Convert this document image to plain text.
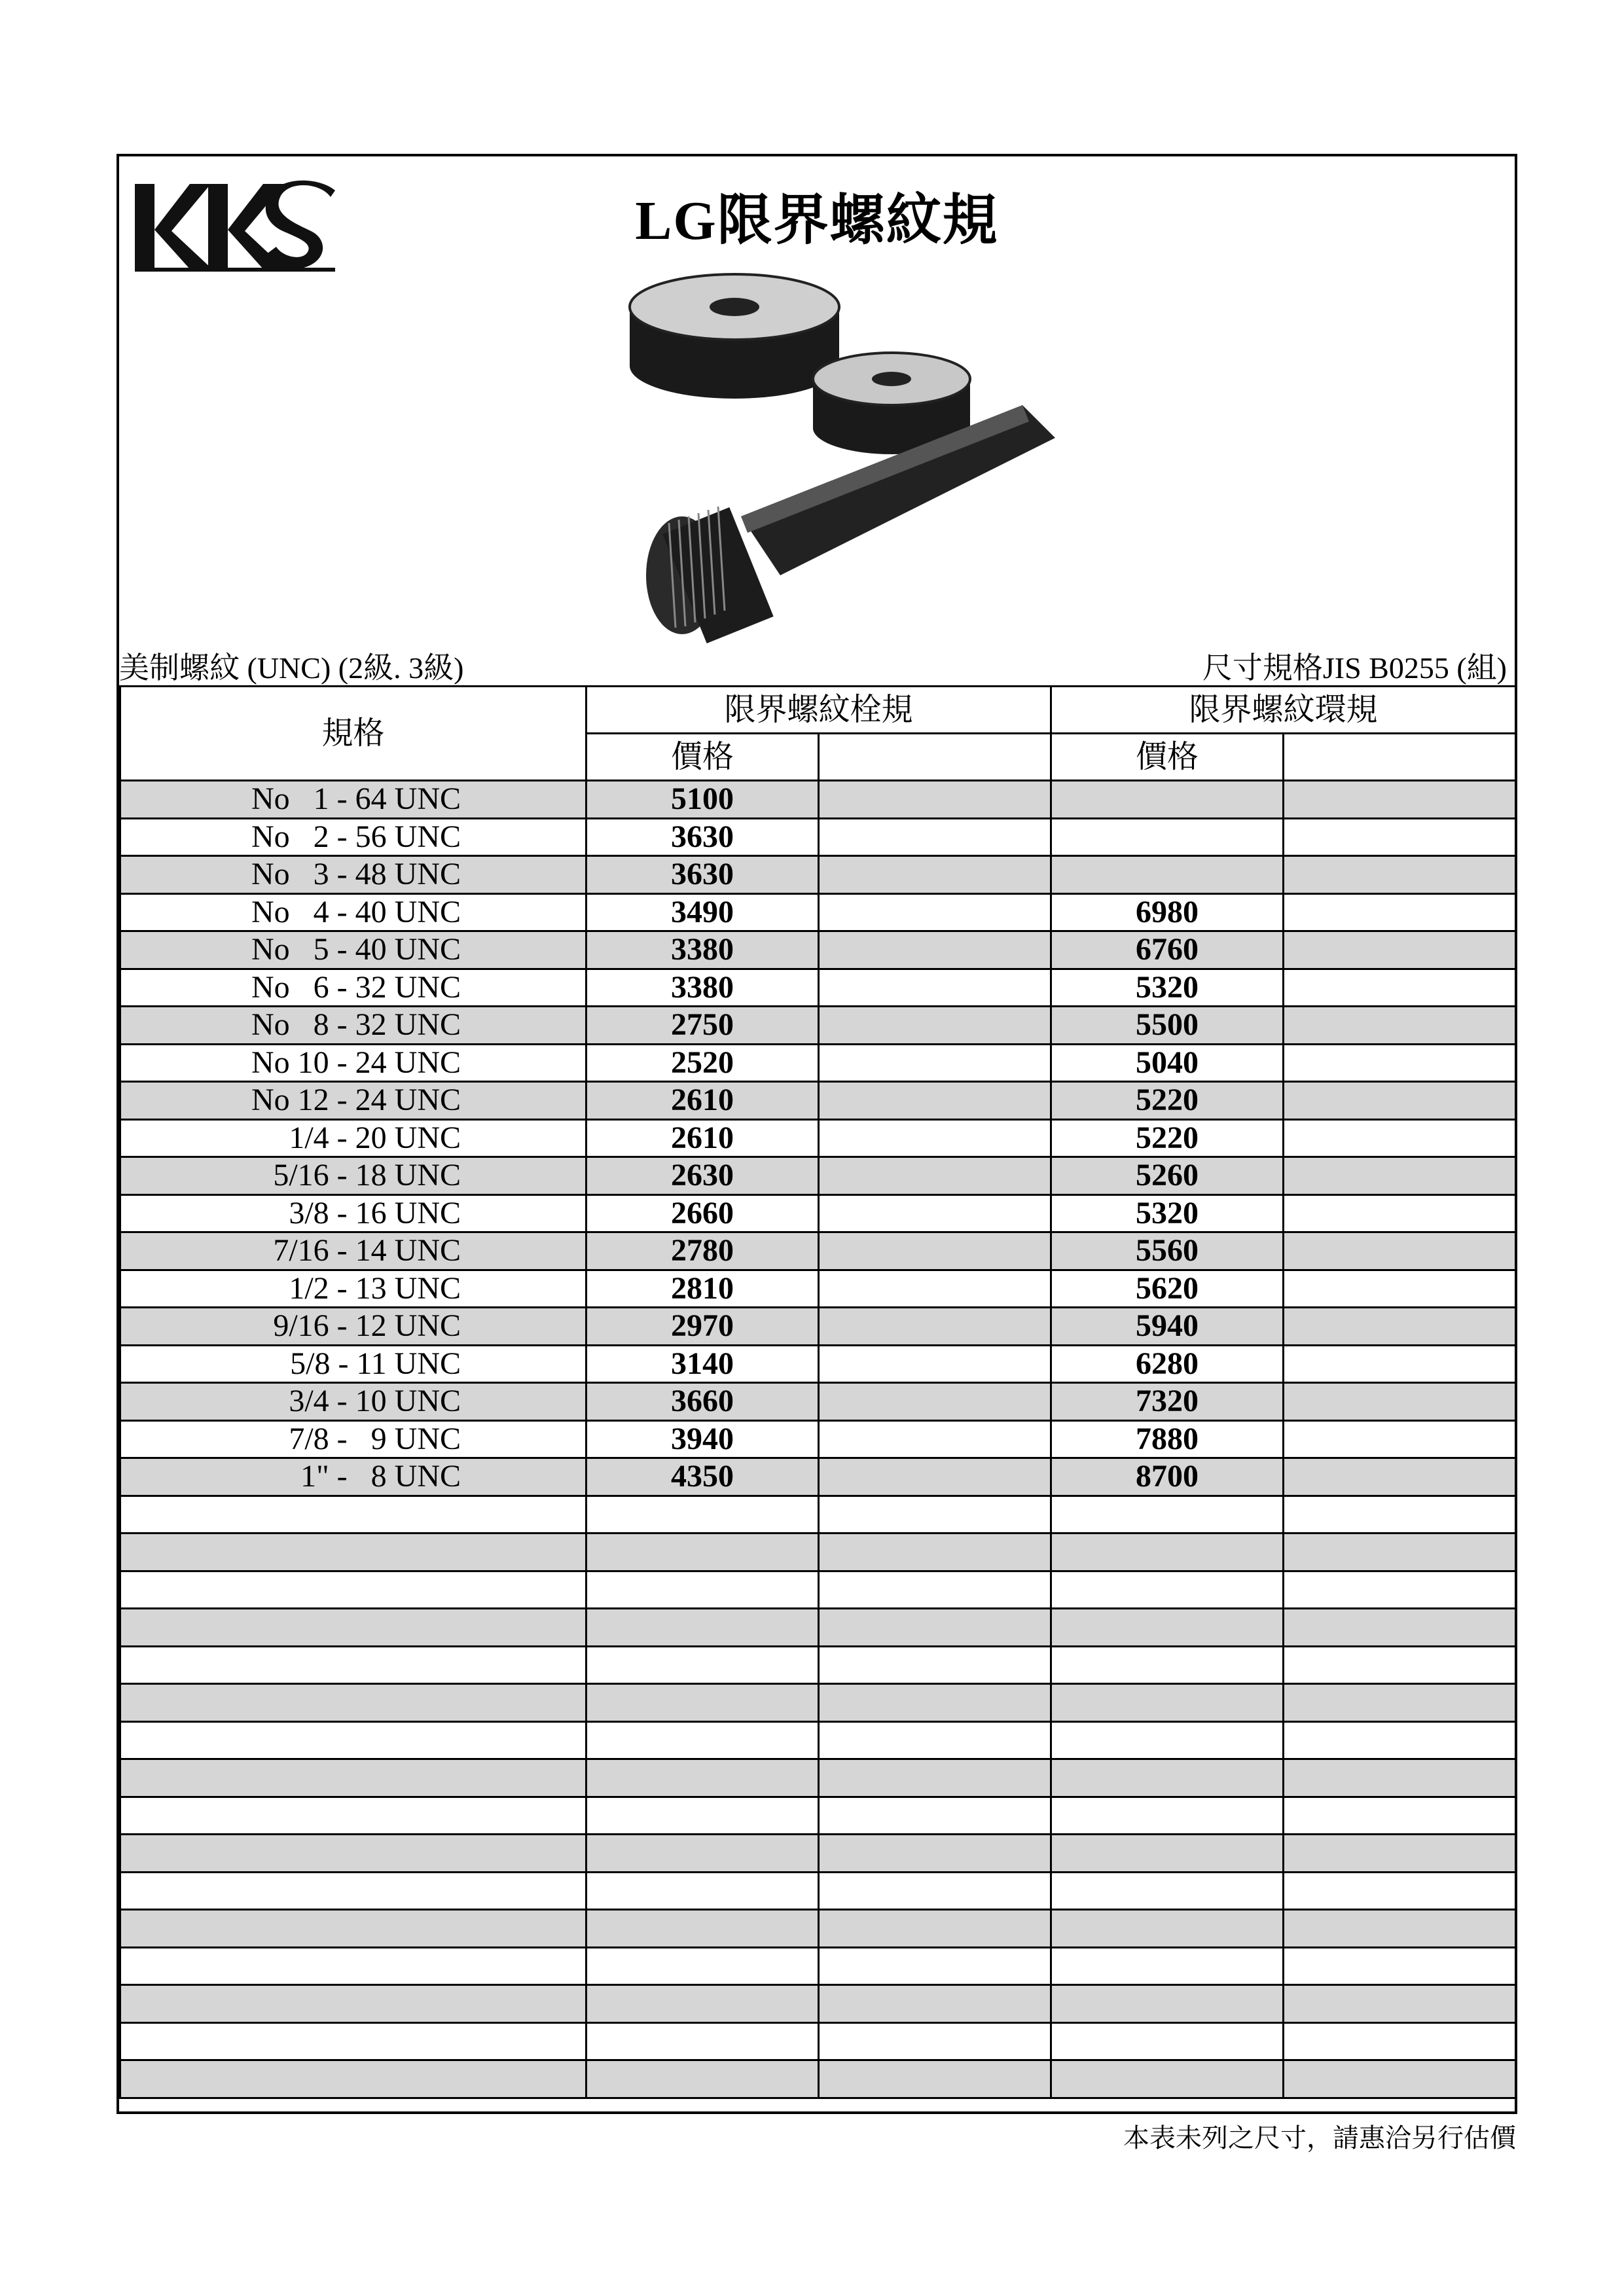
LG限界螺紋規
美制螺紋 (UNC) (2級. 3級)	尺寸規格JIS B0255 (組)
規格	限界螺紋栓規		限界螺紋環規	
	價格		價格	
No   1 - 64 UNC	5100			
No   2 - 56 UNC	3630			
No   3 - 48 UNC	3630			
No   4 - 40 UNC	3490		6980	
No   5 - 40 UNC	3380		6760	
No   6 - 32 UNC	3380		5320	
No   8 - 32 UNC	2750		5500	
No 10 - 24 UNC	2520		5040	
No 12 - 24 UNC	2610		5220	
1/4 - 20 UNC	2610		5220	
5/16 - 18 UNC	2630		5260	
3/8 - 16 UNC	2660		5320	
7/16 - 14 UNC	2780		5560	
1/2 - 13 UNC	2810		5620	
9/16 - 12 UNC	2970		5940	
5/8 - 11 UNC	3140		6280	
3/4 - 10 UNC	3660		7320	
7/8 -   9 UNC	3940		7880	
1" -   8 UNC	4350		8700	

本表未列之尺寸，請惠洽另行估價
